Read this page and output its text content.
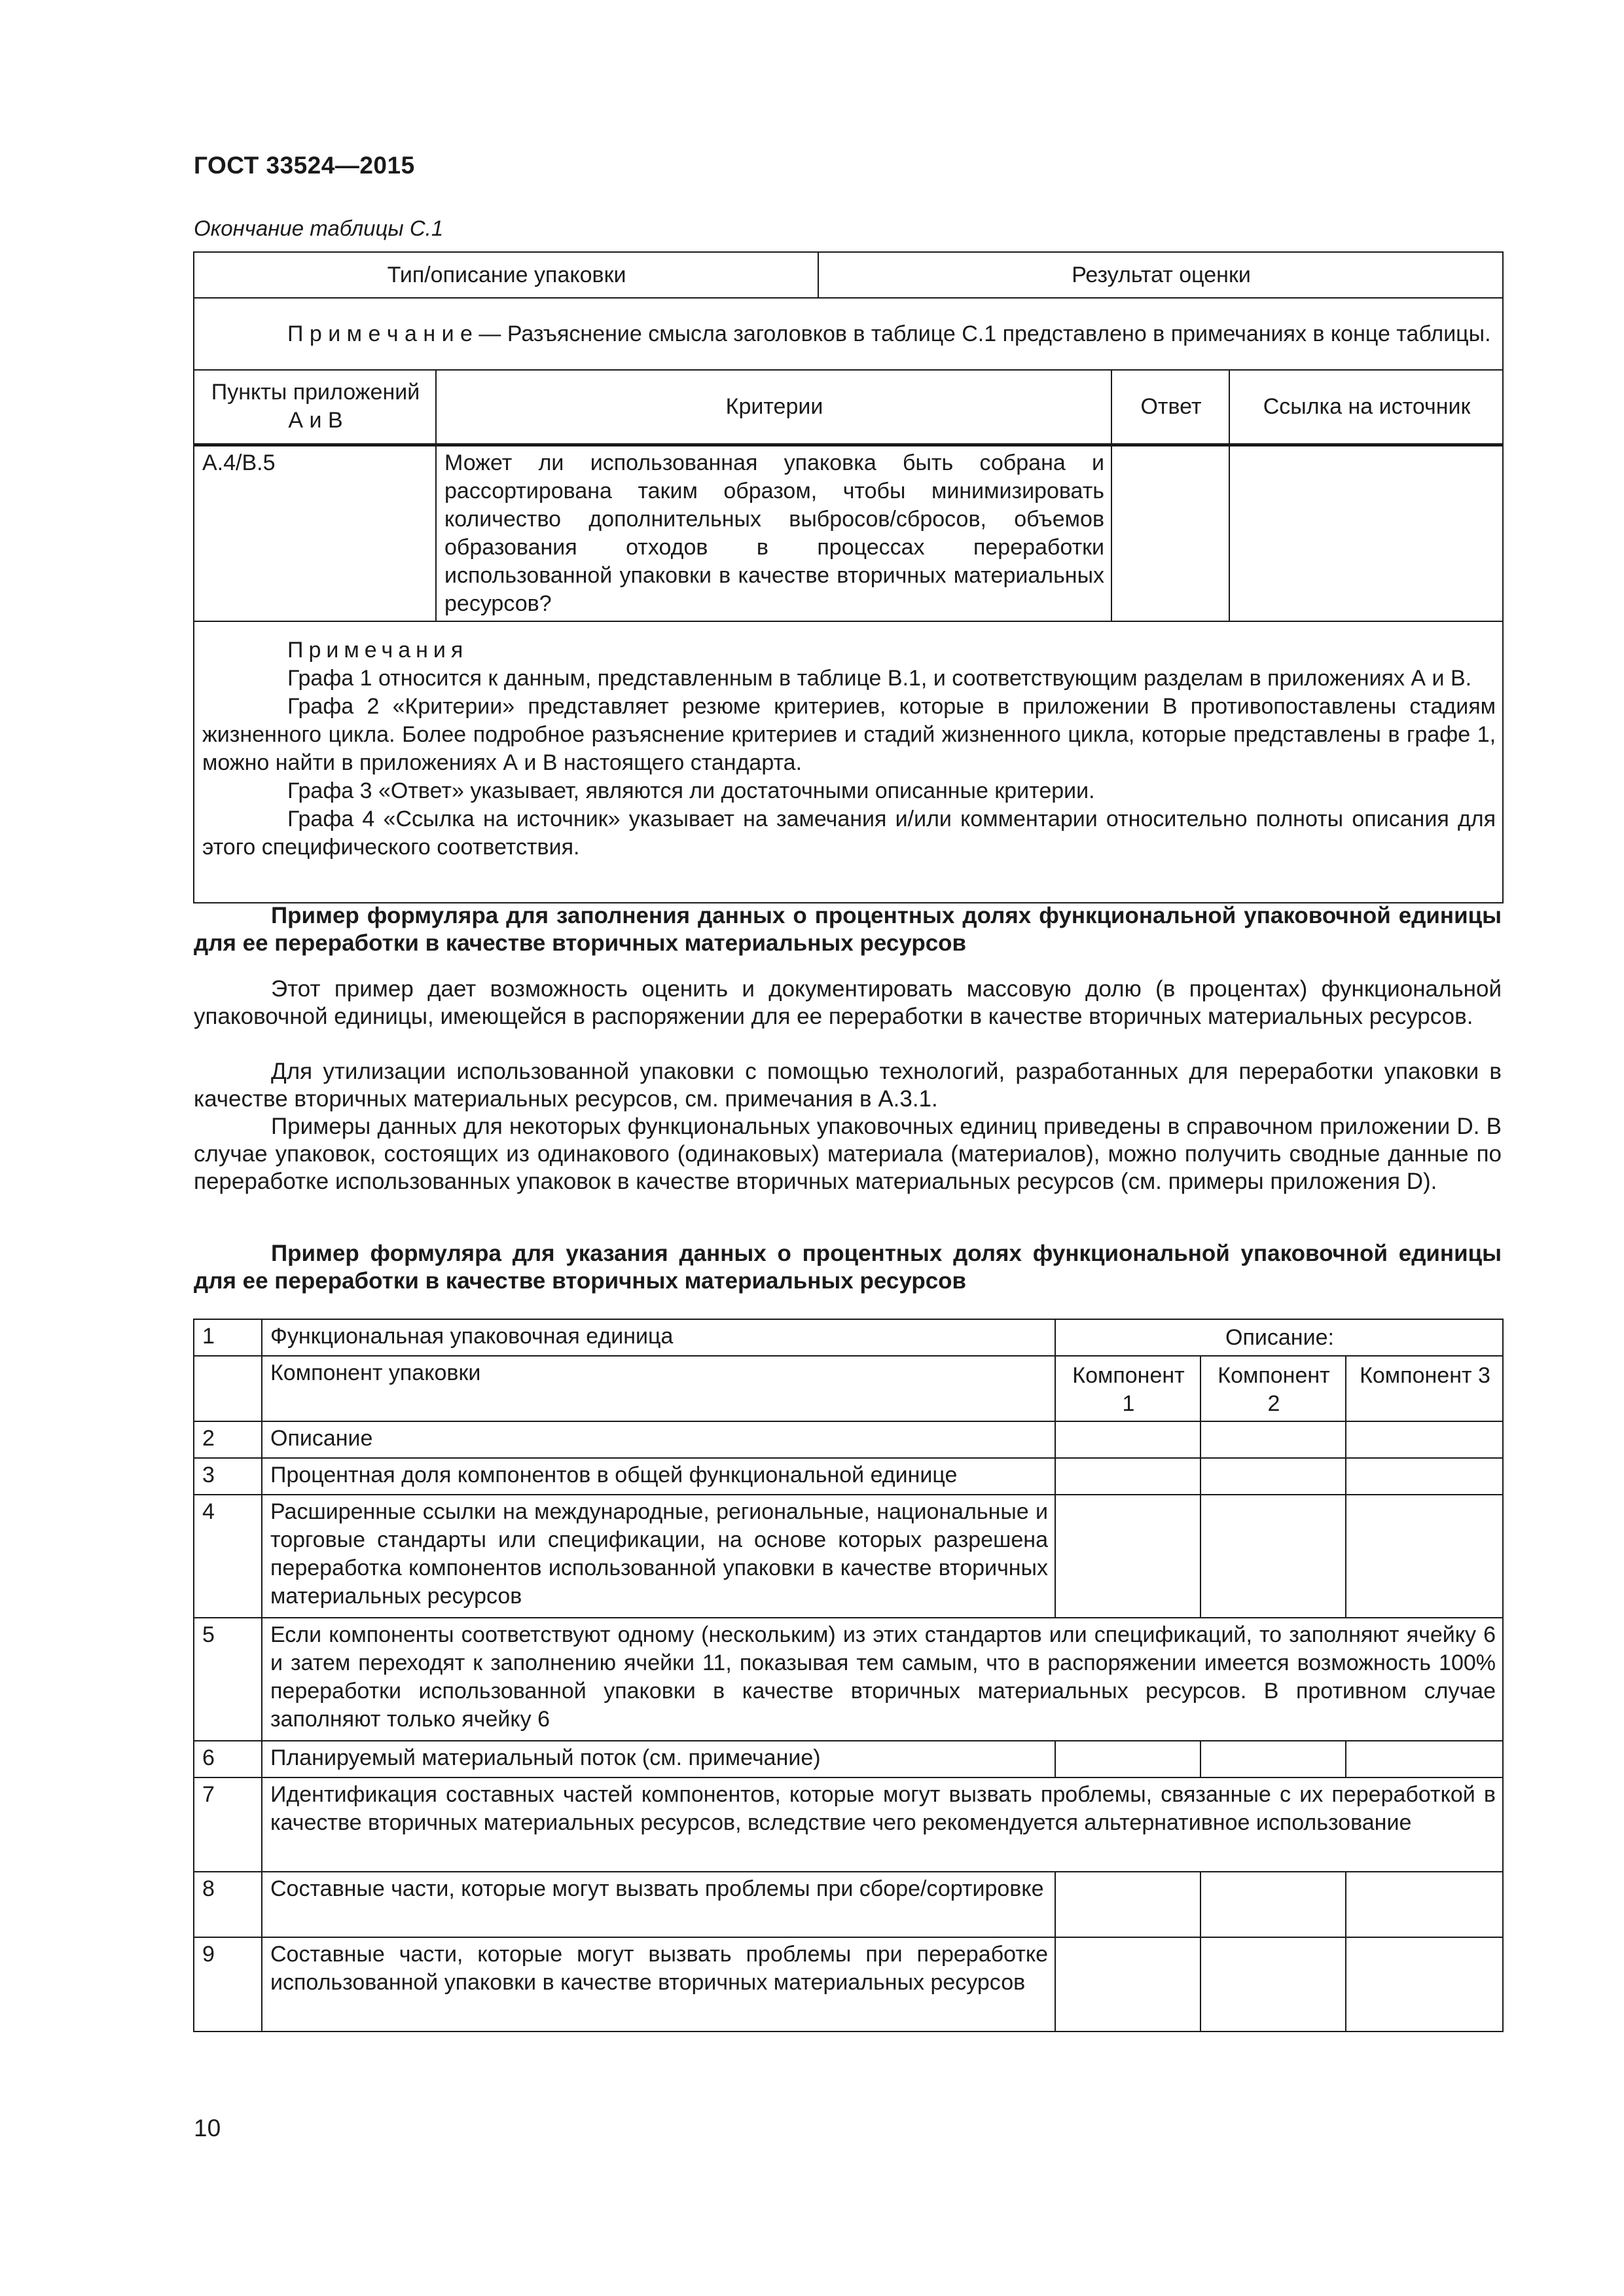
ГОСТ 33524—2015
Окончание таблицы С.1
Тип/описание упаковки		Результат оценки		
П р и м е ч а н и е — Разъяснение смысла заголовков в таблице С.1 представлено в примечаниях в конце таблицы.				
Пункты приложений А и В	Критерии		Ответ	Ссылка на источник
А.4/В.5	Может ли использованная упаковка быть собрана и рассортирована таким образом, чтобы минимизировать количество дополнительных выбросов/сбросов, объемов образования отходов в процессах переработки использованной упаковки в качестве вторичных материальных ресурсов?			

Примечания

Графа 1 относится к данным, представленным в таблице В.1, и соответствующим разделам в приложениях А и В.

Графа 2 «Критерии» представляет резюме критериев, которые в приложении В противопоставлены стадиям жизненного цикла. Более подробное разъяснение критериев и стадий жизненного цикла, которые представлены в графе 1, можно найти в приложениях А и В настоящего стандарта.

Графа 3 «Ответ» указывает, являются ли достаточными описанные критерии.

Графа 4 «Ссылка на источник» указывает на замечания и/или комментарии относительно полноты описания для этого специфического соответствия.				

Пример формуляра для заполнения данных о процентных долях функциональной упаковочной единицы для ее переработки в качестве вторичных материальных ресурсов

Этот пример дает возможность оценить и документировать массовую долю (в процентах) функциональной упаковочной единицы, имеющейся в распоряжении для ее переработки в качестве вторичных материальных ресурсов.

Для утилизации использованной упаковки с помощью технологий, разработанных для переработки упаковки в качестве вторичных материальных ресурсов, см. примечания в А.3.1.

Примеры данных для некоторых функциональных упаковочных единиц приведены в справочном приложении D. В случае упаковок, состоящих из одинакового (одинаковых) материала (материалов), можно получить сводные данные по переработке использованных упаковок в качестве вторичных материальных ресурсов (см. примеры приложения D).

Пример формуляра для указания данных о процентных долях функциональной упаковочной единицы для ее переработки в качестве вторичных материальных ресурсов
1	Функциональная упаковочная единица	Описание:		
	Компонент упаковки	Компонент 1	Компонент 2	Компонент 3
2	Описание			
3	Процентная доля компонентов в общей функциональной единице			
4	Расширенные ссылки на международные, региональные, национальные и торговые стандарты или спецификации, на основе которых разрешена переработка компонентов использованной упаковки в качестве вторичных материальных ресурсов			
5	Если компоненты соответствуют одному (нескольким) из этих стандартов или спецификаций, то заполняют ячейку 6 и затем переходят к заполнению ячейки 11, показывая тем самым, что в распоряжении имеется возможность 100% переработки использованной упаковки в качестве вторичных материальных ресурсов. В противном случае заполняют только ячейку 6			
6	Планируемый материальный поток (см. примечание)			
7	Идентификация составных частей компонентов, которые могут вызвать проблемы, связанные с их переработкой в качестве вторичных материальных ресурсов, вследствие чего рекомендуется альтернативное использование			
8	Составные части, которые могут вызвать проблемы при сборе/сортировке			
9	Составные части, которые могут вызвать проблемы при переработке использованной упаковки в качестве вторичных материальных ресурсов			
10
